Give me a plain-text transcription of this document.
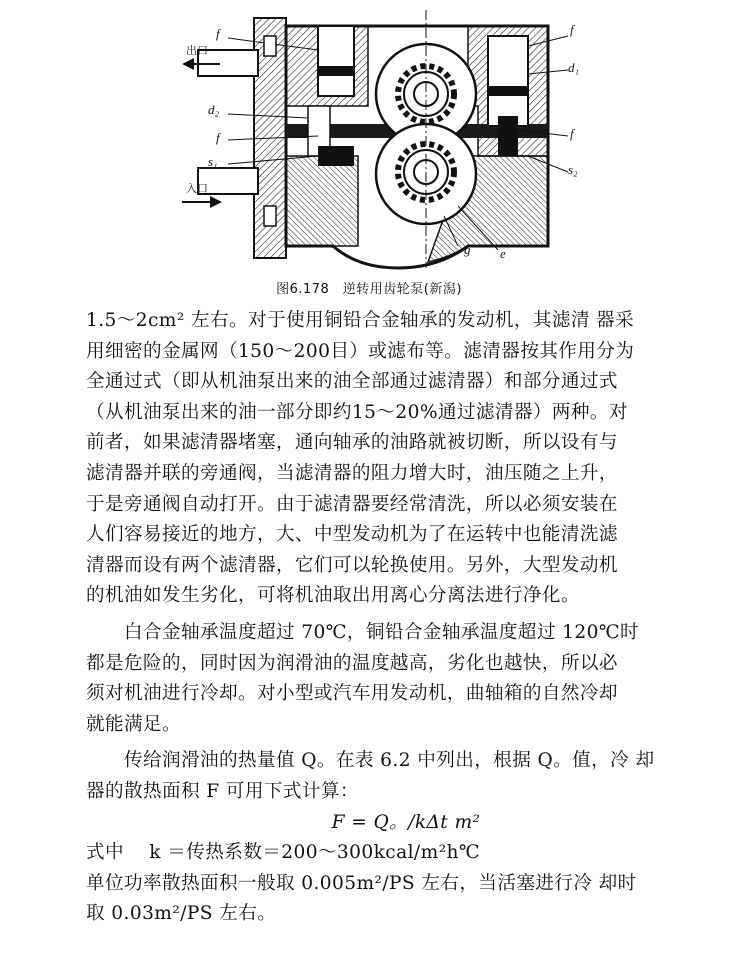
出口
入口
f
d₂
f
s₁
f
d₁
f
s₂
g e
图6.178　逆转用齿轮泵(新潟)
1.5～2cm² 左右。对于使用铜铅合金轴承的发动机，其滤清 器采
用细密的金属网（150～200目）或滤布等。滤清器按其作用分为
全通过式（即从机油泵出来的油全部通过滤清器）和部分通过式
（从机油泵出来的油一部分即约15～20%通过滤清器）两种。对
前者，如果滤清器堵塞，通向轴承的油路就被切断，所以设有与
滤清器并联的旁通阀，当滤清器的阻力增大时，油压随之上升，
于是旁通阀自动打开。由于滤清器要经常清洗，所以必须安装在
人们容易接近的地方，大、中型发动机为了在运转中也能清洗滤
清器而设有两个滤清器，它们可以轮换使用。另外，大型发动机
的机油如发生劣化，可将机油取出用离心分离法进行净化。
　　白合金轴承温度超过 70℃，铜铅合金轴承温度超过 120℃时
都是危险的，同时因为润滑油的温度越高，劣化也越快，所以必
须对机油进行冷却。对小型或汽车用发动机，曲轴箱的自然冷却
就能满足。
　　传给润滑油的热量值 Q。在表 6.2 中列出，根据 Q。值，冷 却
器的散热面积 F 可用下式计算：
F = Q。/kΔt m²
式中　 k ＝传热系数＝200～300kcal/m²h℃
单位功率散热面积一般取 0.005m²/PS 左右，当活塞进行冷 却时
取 0.03m²/PS 左右。
